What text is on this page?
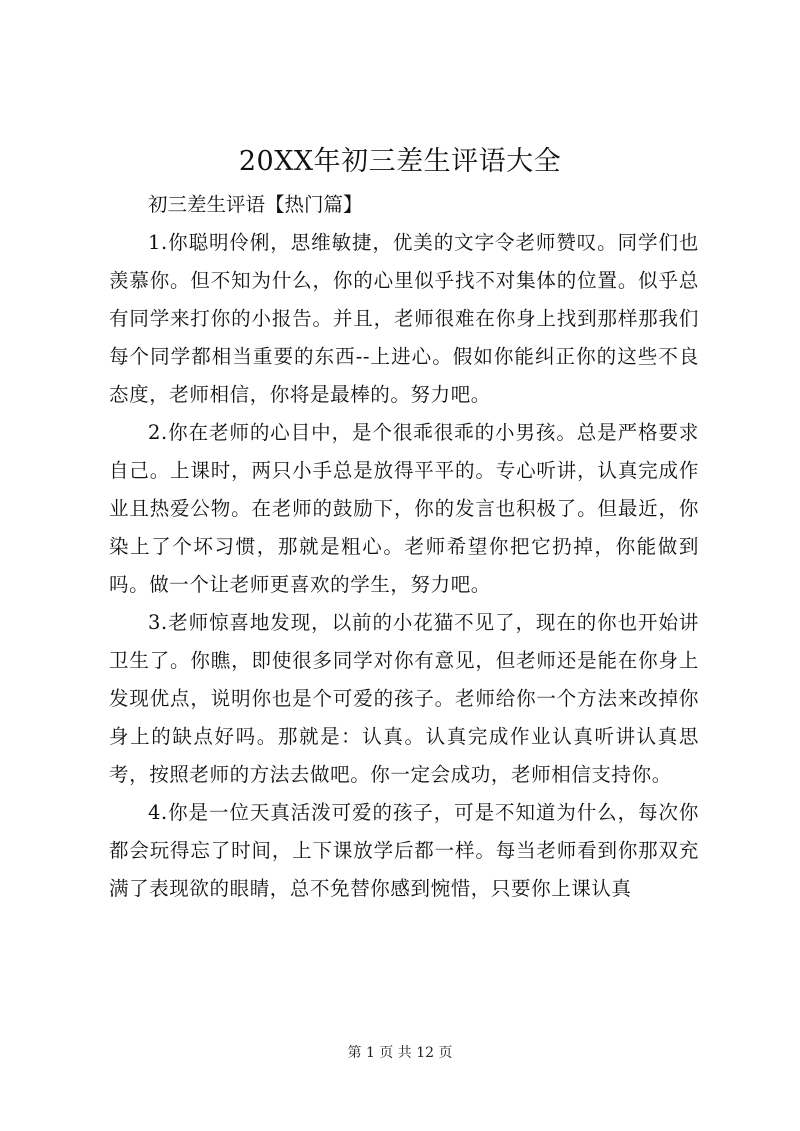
20XX年初三差生评语大全

初三差生评语【热门篇】

1.你聪明伶俐，思维敏捷，优美的文字令老师赞叹。同学们也羡慕你。但不知为什么，你的心里似乎找不对集体的位置。似乎总有同学来打你的小报告。并且，老师很难在你身上找到那样那我们每个同学都相当重要的东西--上进心。假如你能纠正你的这些不良态度，老师相信，你将是最棒的。努力吧。

2.你在老师的心目中，是个很乖很乖的小男孩。总是严格要求自己。上课时，两只小手总是放得平平的。专心听讲，认真完成作业且热爱公物。在老师的鼓励下，你的发言也积极了。但最近，你染上了个坏习惯，那就是粗心。老师希望你把它扔掉，你能做到吗。做一个让老师更喜欢的学生，努力吧。

3.老师惊喜地发现，以前的小花猫不见了，现在的你也开始讲卫生了。你瞧，即使很多同学对你有意见，但老师还是能在你身上发现优点，说明你也是个可爱的孩子。老师给你一个方法来改掉你身上的缺点好吗。那就是：认真。认真完成作业认真听讲认真思考，按照老师的方法去做吧。你一定会成功，老师相信支持你。

4.你是一位天真活泼可爱的孩子，可是不知道为什么，每次你都会玩得忘了时间，上下课放学后都一样。每当老师看到你那双充满了表现欲的眼睛，总不免替你感到惋惜，只要你上课认真

第 1 页 共 12 页
